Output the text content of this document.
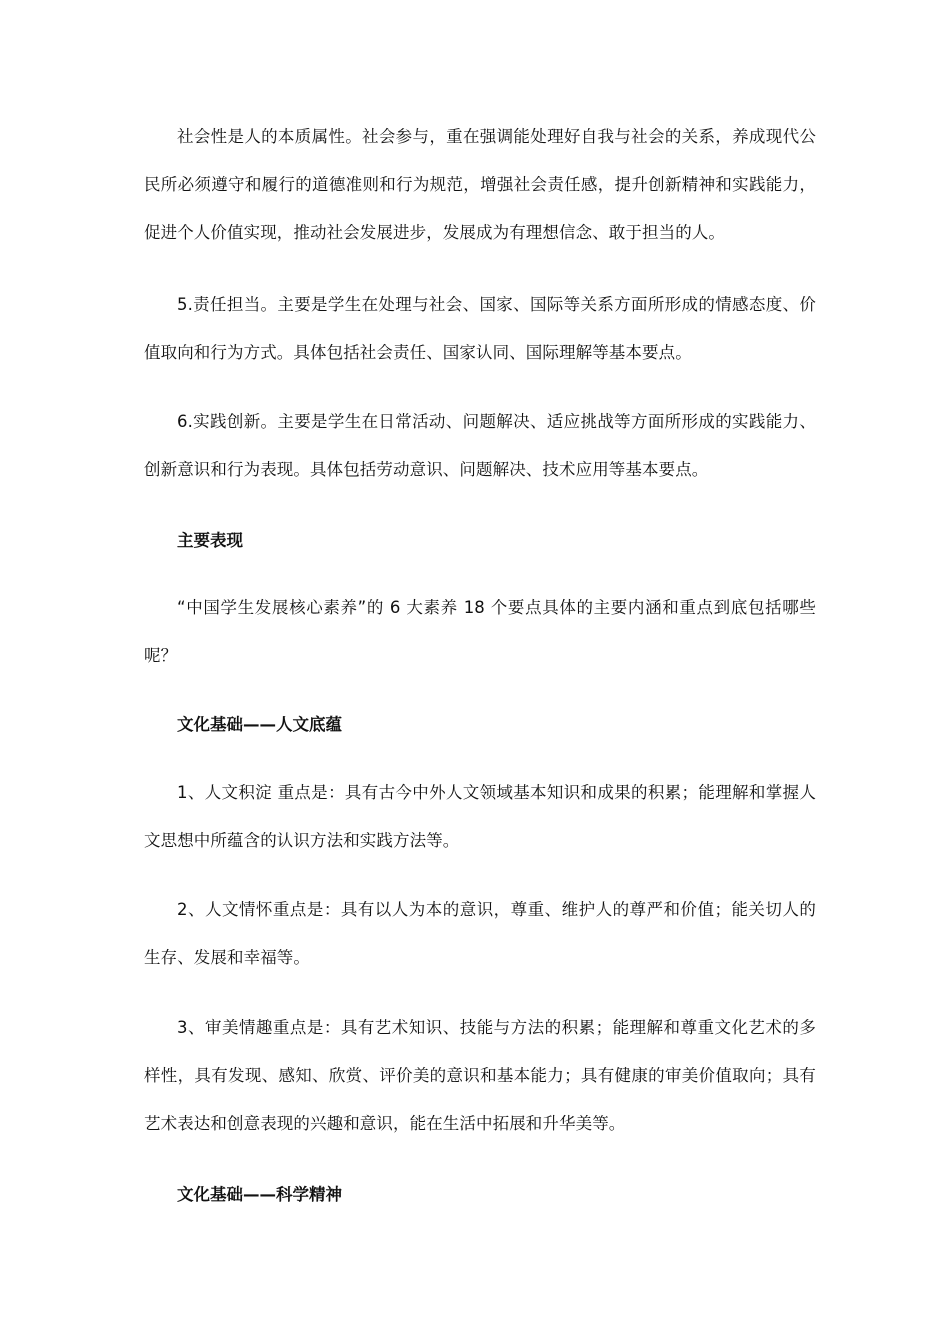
社会性是人的本质属性。社会参与，重在强调能处理好自我与社会的关系，养成现代公民所必须遵守和履行的道德准则和行为规范，增强社会责任感，提升创新精神和实践能力，促进个人价值实现，推动社会发展进步，发展成为有理想信念、敢于担当的人。

5.责任担当。主要是学生在处理与社会、国家、国际等关系方面所形成的情感态度、价值取向和行为方式。具体包括社会责任、国家认同、国际理解等基本要点。

6.实践创新。主要是学生在日常活动、问题解决、适应挑战等方面所形成的实践能力、创新意识和行为表现。具体包括劳动意识、问题解决、技术应用等基本要点。

主要表现

“中国学生发展核心素养”的 6 大素养 18 个要点具体的主要内涵和重点到底包括哪些呢？

文化基础——人文底蕴

1、人文积淀 重点是：具有古今中外人文领域基本知识和成果的积累；能理解和掌握人文思想中所蕴含的认识方法和实践方法等。

2、人文情怀重点是：具有以人为本的意识，尊重、维护人的尊严和价值；能关切人的生存、发展和幸福等。

3、审美情趣重点是：具有艺术知识、技能与方法的积累；能理解和尊重文化艺术的多样性，具有发现、感知、欣赏、评价美的意识和基本能力；具有健康的审美价值取向；具有艺术表达和创意表现的兴趣和意识，能在生活中拓展和升华美等。

文化基础——科学精神
